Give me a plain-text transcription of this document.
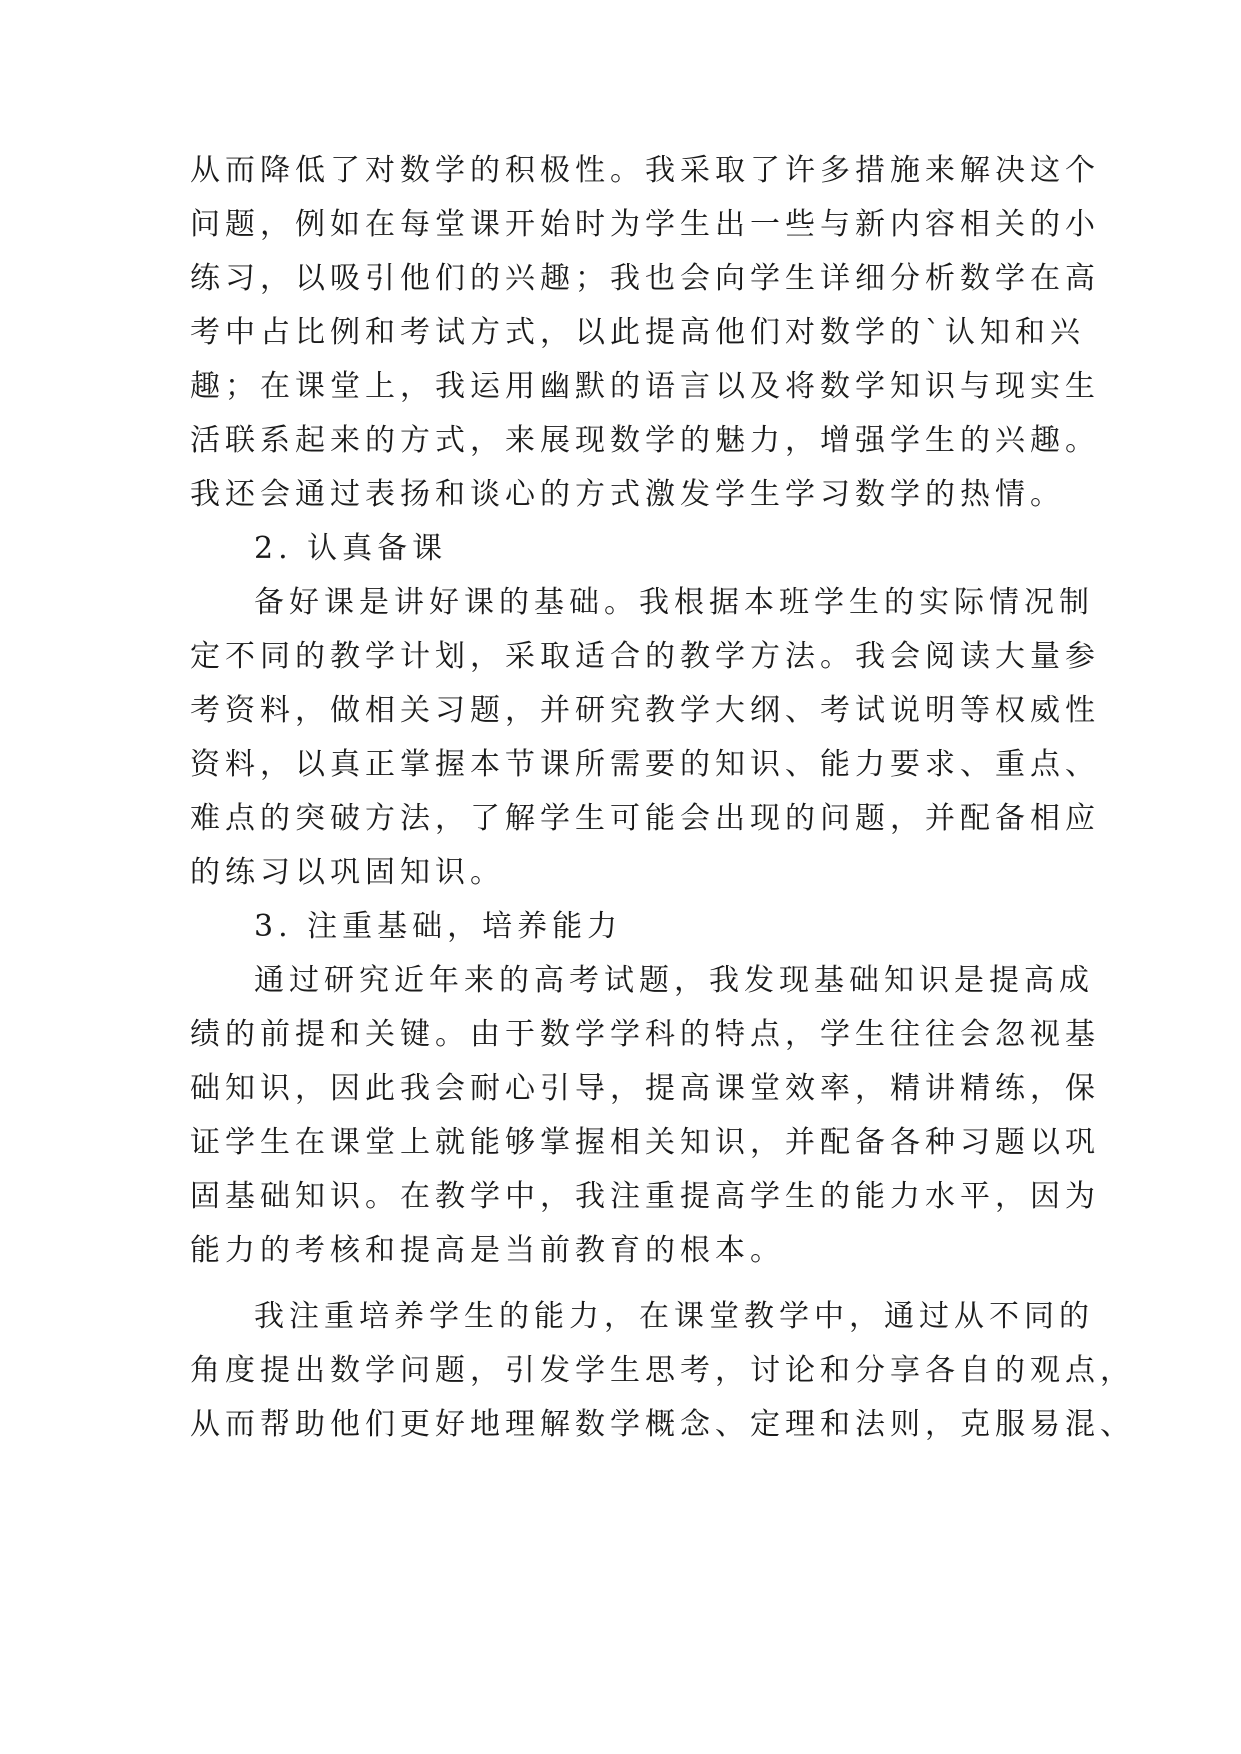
从而降低了对数学的积极性。我采取了许多措施来解决这个
问题，例如在每堂课开始时为学生出一些与新内容相关的小
练习，以吸引他们的兴趣；我也会向学生详细分析数学在高
考中占比例和考试方式，以此提高他们对数学的`认知和兴
趣；在课堂上，我运用幽默的语言以及将数学知识与现实生
活联系起来的方式，来展现数学的魅力，增强学生的兴趣。
我还会通过表扬和谈心的方式激发学生学习数学的热情。
2. 认真备课
备好课是讲好课的基础。我根据本班学生的实际情况制
定不同的教学计划，采取适合的教学方法。我会阅读大量参
考资料，做相关习题，并研究教学大纲、考试说明等权威性
资料，以真正掌握本节课所需要的知识、能力要求、重点、
难点的突破方法，了解学生可能会出现的问题，并配备相应
的练习以巩固知识。
3. 注重基础，培养能力
通过研究近年来的高考试题，我发现基础知识是提高成
绩的前提和关键。由于数学学科的特点，学生往往会忽视基
础知识，因此我会耐心引导，提高课堂效率，精讲精练，保
证学生在课堂上就能够掌握相关知识，并配备各种习题以巩
固基础知识。在教学中，我注重提高学生的能力水平，因为
能力的考核和提高是当前教育的根本。
我注重培养学生的能力，在课堂教学中，通过从不同的
角度提出数学问题，引发学生思考，讨论和分享各自的观点，
从而帮助他们更好地理解数学概念、定理和法则，克服易混、
